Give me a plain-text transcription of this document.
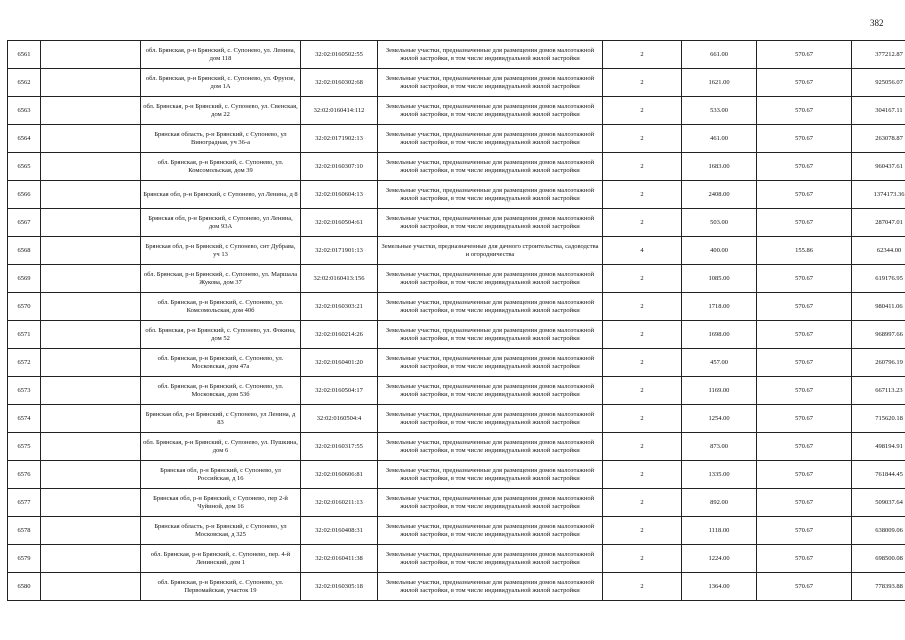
382
6561		обл. Брянская, р-н Брянский, с. Супонево, ул. Ленина, дом 118	32:02:0160502:55	Земельные участки, предназначенные для размещения домов малоэтажной жилой застройки, в том числе индивидуальной жилой застройки	2	661.00	570.67	377212.87
6562		обл. Брянская, р-н Брянский, с. Супонево, ул. Фрунзе, дом 1А	32:02:0160302:68	Земельные участки, предназначенные для размещения домов малоэтажной жилой застройки, в том числе индивидуальной жилой застройки	2	1621.00	570.67	925056.07
6563		обл. Брянская, р-н Брянский, с. Супонево, ул. Свенская, дом 22	32:02:0160414:112	Земельные участки, предназначенные для размещения домов малоэтажной жилой застройки, в том числе индивидуальной жилой застройки	2	533.00	570.67	304167.11
6564		Брянская область, р-н Брянский, с Супонево, ул Виноградная, уч 36-а	32:02:0171902:13	Земельные участки, предназначенные для размещения домов малоэтажной жилой застройки, в том числе индивидуальной жилой застройки	2	461.00	570.67	263078.87
6565		обл. Брянская, р-н Брянский, с. Супонево, ул. Комсомольская, дом 39	32:02:0160307:10	Земельные участки, предназначенные для размещения домов малоэтажной жилой застройки, в том числе индивидуальной жилой застройки	2	1683.00	570.67	960437.61
6566		Брянская обл, р-н Брянский, с Супонево, ул Ленина, д 8	32:02:0160604:13	Земельные участки, предназначенные для размещения домов малоэтажной жилой застройки, в том числе индивидуальной жилой застройки	2	2408.00	570.67	1374173.36
6567		Брянская обл, р-н Брянский, с Супонево, ул Ленина, дом 93А	32:02:0160504:61	Земельные участки, предназначенные для размещения домов малоэтажной жилой застройки, в том числе индивидуальной жилой застройки	2	503.00	570.67	287047.01
6568		Брянская обл, р-н Брянский, с Супонево, снт Дубрава, уч 13	32:02:0171901:13	Земельные участки, предназначенные для дачного строительства, садоводства и огородничества	4	400.00	155.86	62344.00
6569		обл. Брянская, р-н Брянский, с. Супонево, ул. Маршала Жукова, дом 37	32:02:0160413:156	Земельные участки, предназначенные для размещения домов малоэтажной жилой застройки, в том числе индивидуальной жилой застройки	2	1085.00	570.67	619176.95
6570		обл. Брянская, р-н Брянский, с. Супонево, ул. Комсомольская, дом 40б	32:02:0160303:21	Земельные участки, предназначенные для размещения домов малоэтажной жилой застройки, в том числе индивидуальной жилой застройки	2	1718.00	570.67	980411.06
6571		обл. Брянская, р-н Брянский, с. Супонево, ул. Фокина, дом 52	32:02:0160214:26	Земельные участки, предназначенные для размещения домов малоэтажной жилой застройки, в том числе индивидуальной жилой застройки	2	1698.00	570.67	968997.66
6572		обл. Брянская, р-н Брянский, с. Супонево, ул. Московская, дом 47а	32:02:0160401:20	Земельные участки, предназначенные для размещения домов малоэтажной жилой застройки, в том числе индивидуальной жилой застройки	2	457.00	570.67	260796.19
6573		обл. Брянская, р-н Брянский, с. Супонево, ул. Московская, дом 53б	32:02:0160504:17	Земельные участки, предназначенные для размещения домов малоэтажной жилой застройки, в том числе индивидуальной жилой застройки	2	1169.00	570.67	667113.23
6574		Брянская обл, р-н Брянский, с Супонево, ул Ленина, д 83	32:02:0160504:4	Земельные участки, предназначенные для размещения домов малоэтажной жилой застройки, в том числе индивидуальной жилой застройки	2	1254.00	570.67	715620.18
6575		обл. Брянская, р-н Брянский, с. Супонево, ул. Пушкина, дом 6	32:02:0160317:55	Земельные участки, предназначенные для размещения домов малоэтажной жилой застройки, в том числе индивидуальной жилой застройки	2	873.00	570.67	498194.91
6576		Брянская обл, р-н Брянский, с Супонево, ул Российская, д 16	32:02:0160606:81	Земельные участки, предназначенные для размещения домов малоэтажной жилой застройки, в том числе индивидуальной жилой застройки	2	1335.00	570.67	761844.45
6577		Брянская обл, р-н Брянский, с Супонево, пер 2-й Чуйиной, дом 16	32:02:0160211:13	Земельные участки, предназначенные для размещения домов малоэтажной жилой застройки, в том числе индивидуальной жилой застройки	2	892.00	570.67	509037.64
6578		Брянская область, р-н Брянский, с Супонево, ул Московская, д 325	32:02:0160408:31	Земельные участки, предназначенные для размещения домов малоэтажной жилой застройки, в том числе индивидуальной жилой застройки	2	1118.00	570.67	638009.06
6579		обл. Брянская, р-н Брянский, с. Супонево, пер. 4-й Ленинский, дом 1	32:02:0160411:38	Земельные участки, предназначенные для размещения домов малоэтажной жилой застройки, в том числе индивидуальной жилой застройки	2	1224.00	570.67	698500.08
6580		обл. Брянская, р-н Брянский, с. Супонево, ул. Первомайская, участок 19	32:02:0160305:18	Земельные участки, предназначенные для размещения домов малоэтажной жилой застройки, в том числе индивидуальной жилой застройки	2	1364.00	570.67	778393.88
